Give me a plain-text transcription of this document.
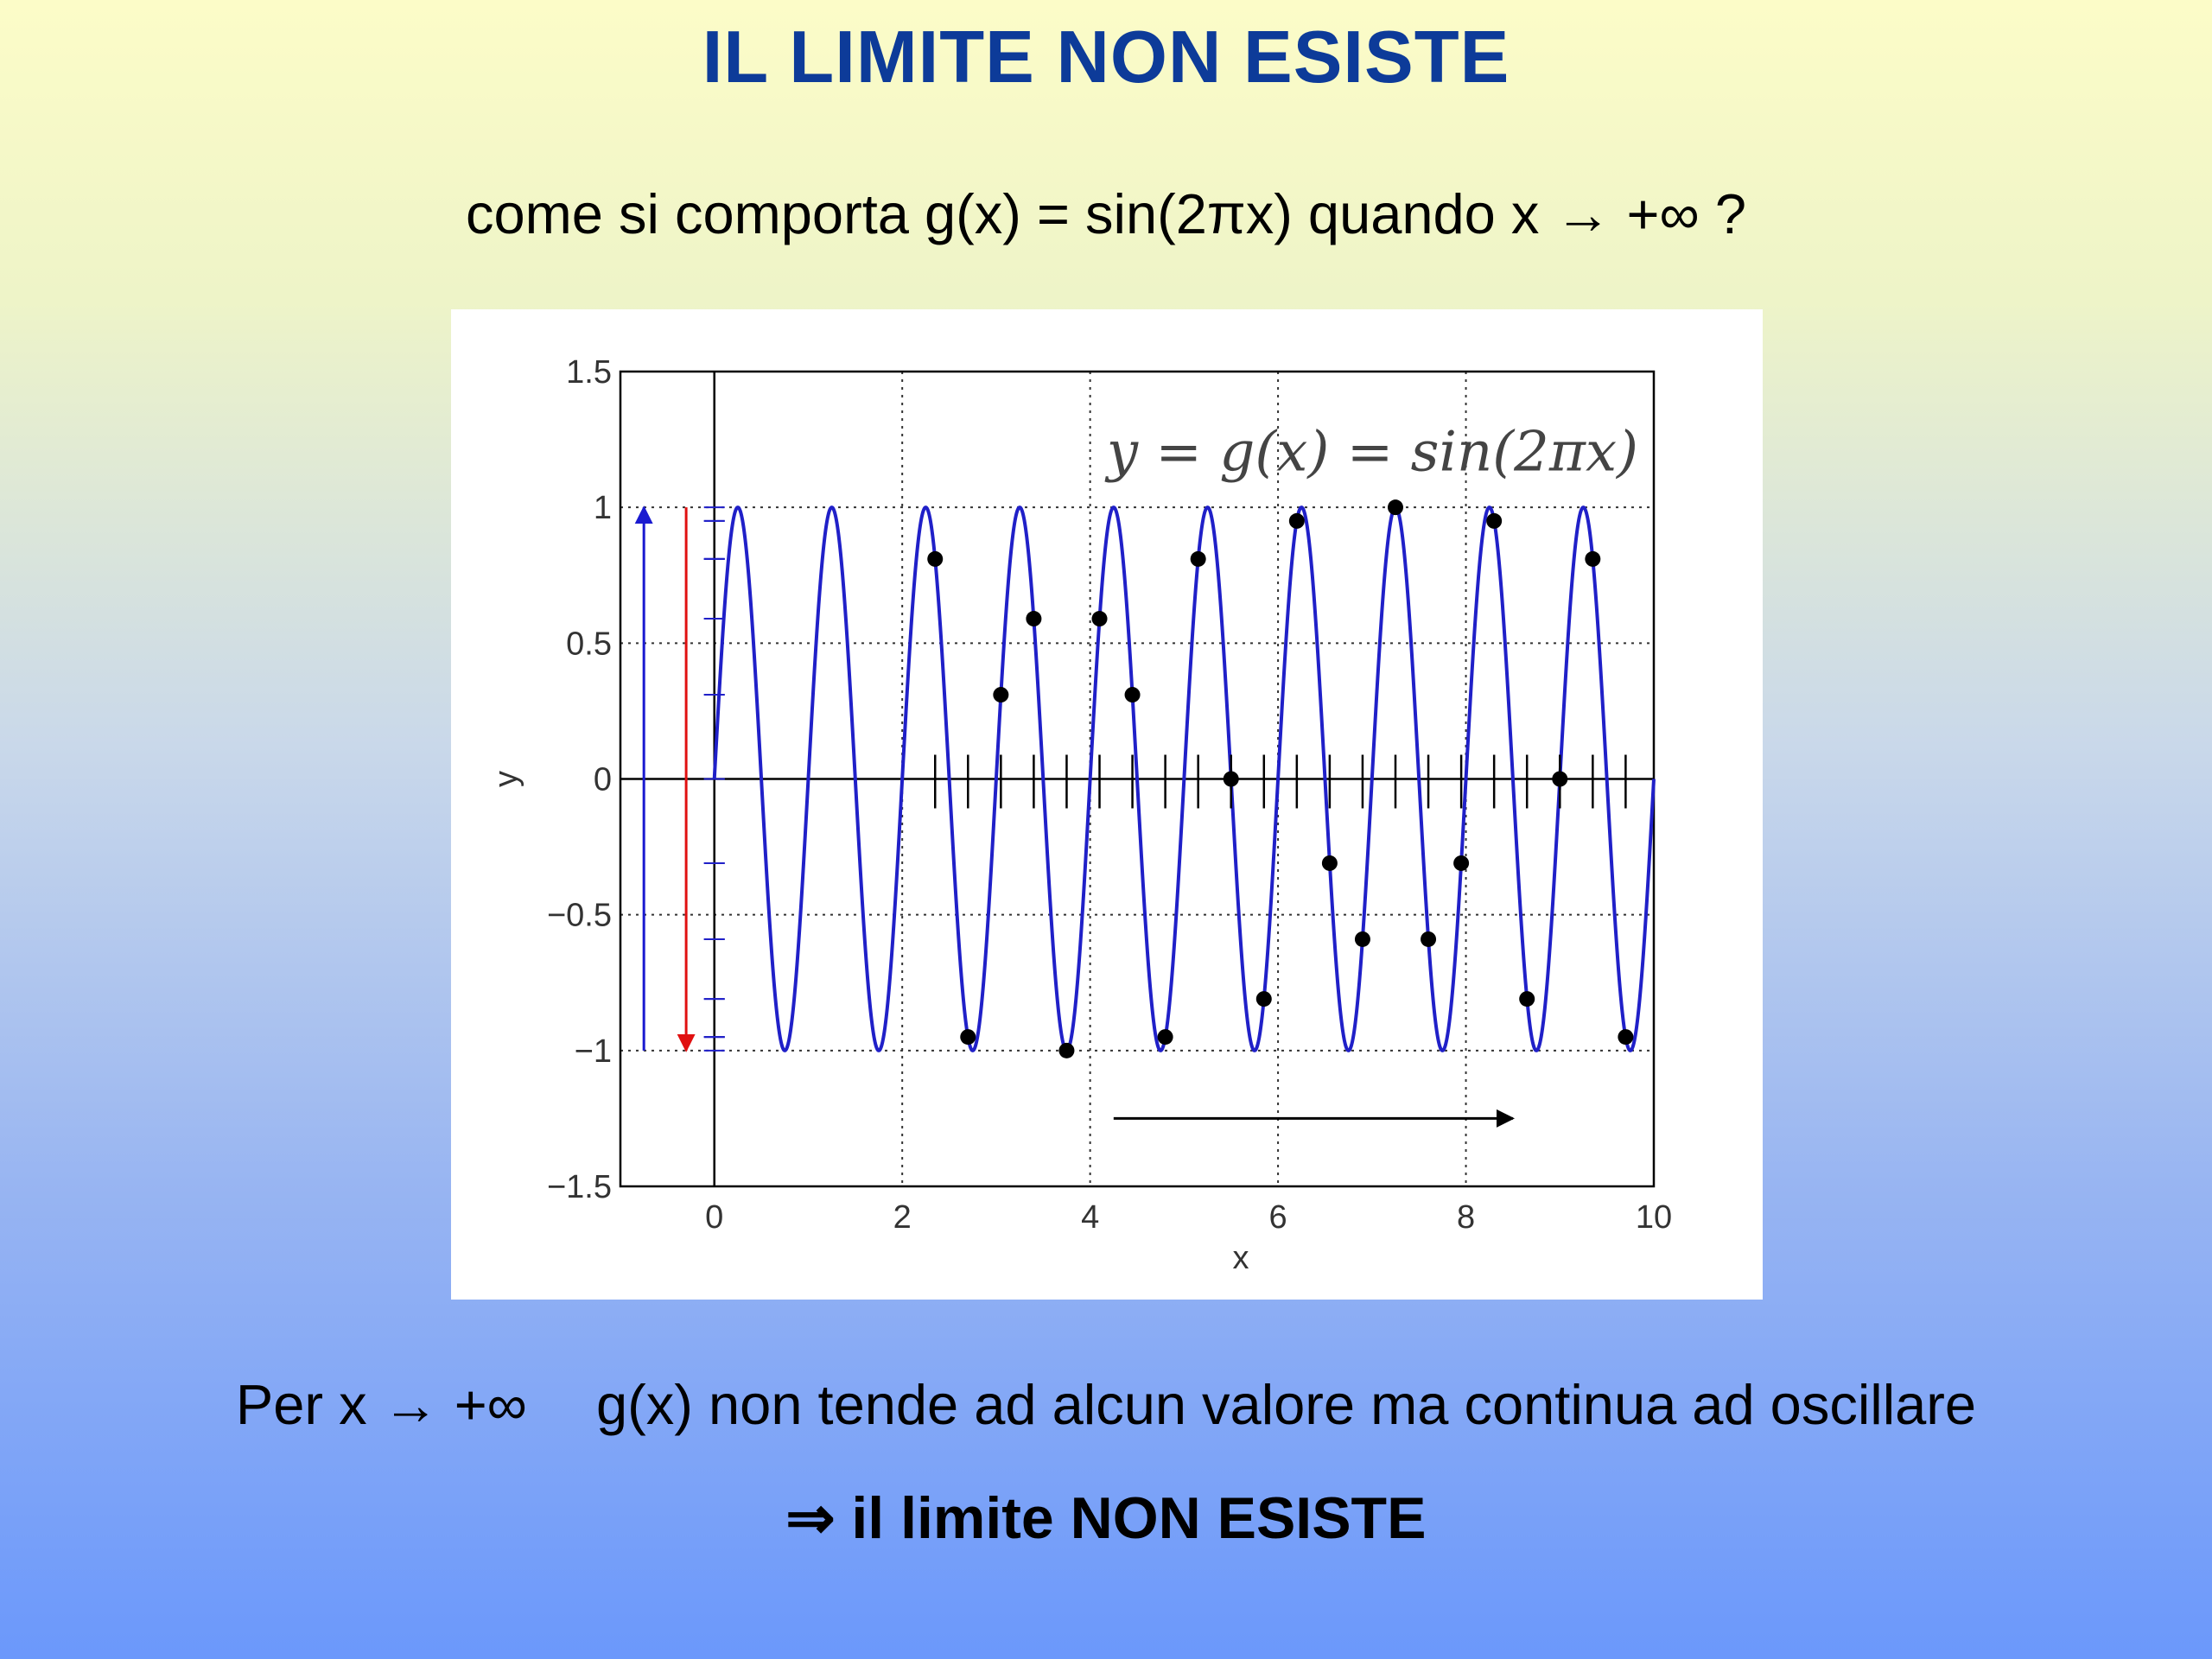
IL LIMITE NON ESISTE
come si comporta g(x) = sin(2πx) quando x → +∞ ?
0	2	4	6	8	10
−1.5
−1
−0.5
0
0.5
1
1.5
x
y
y = g(x) = sin(2πx)
Per x → +∞ g(x) non tende ad alcun valore ma continua ad oscillare
⇒ il limite NON ESISTE
